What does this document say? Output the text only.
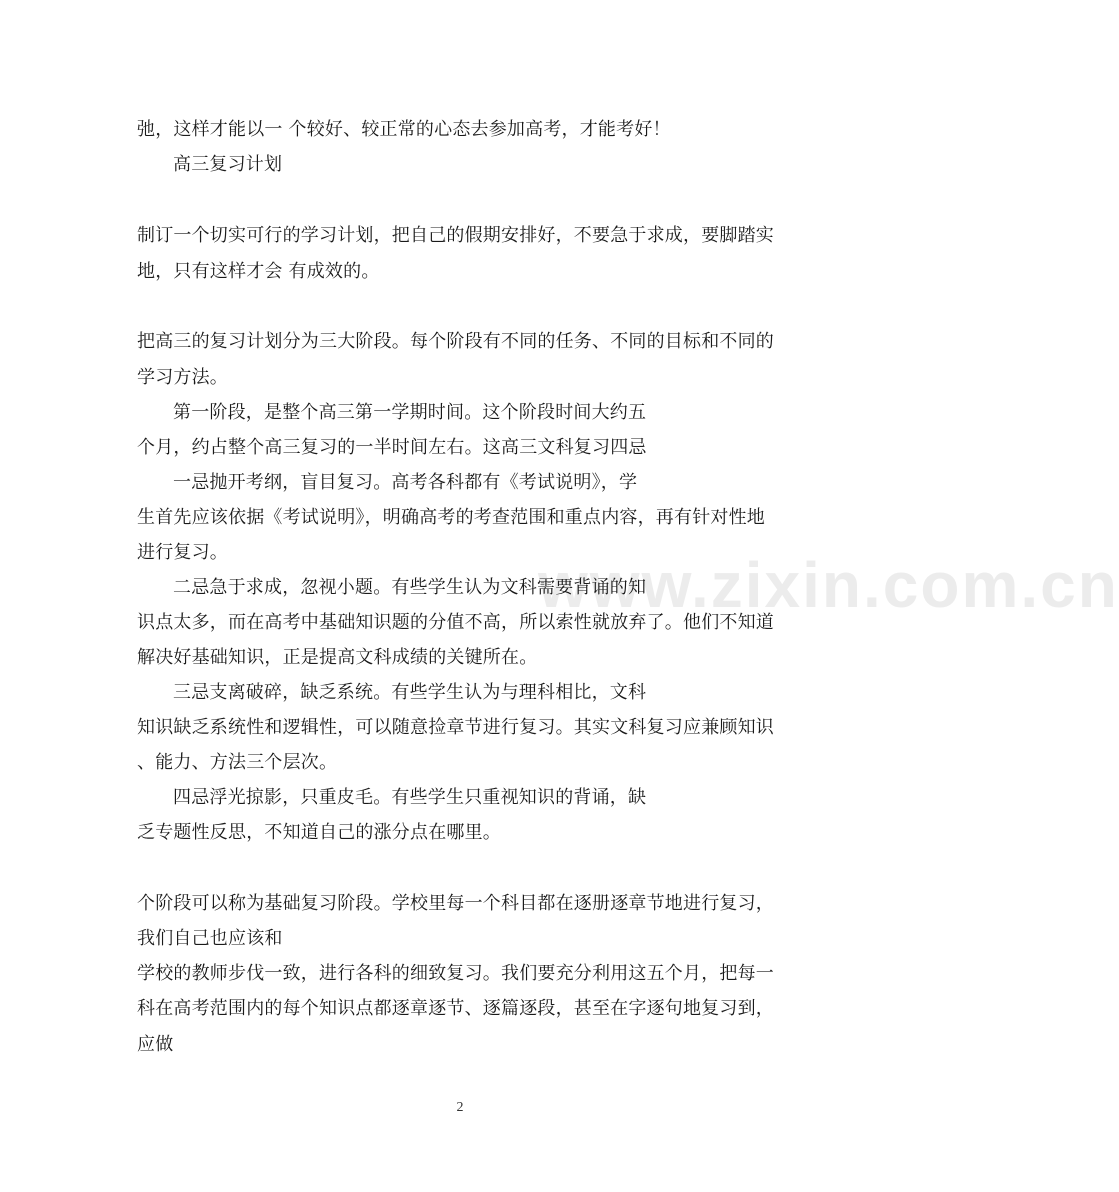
www.zixin.com.cn
弛，这样才能以一 个较好、较正常的心态去参加高考，才能考好！
高三复习计划
制订一个切实可行的学习计划，把自己的假期安排好，不要急于求成，要脚踏实
地，只有这样才会 有成效的。
把高三的复习计划分为三大阶段。每个阶段有不同的任务、不同的目标和不同的
学习方法。
第一阶段，是整个高三第一学期时间。这个阶段时间大约五
个月，约占整个高三复习的一半时间左右。这高三文科复习四忌
一忌抛开考纲，盲目复习。高考各科都有《考试说明》，学
生首先应该依据《考试说明》，明确高考的考查范围和重点内容，再有针对性地
进行复习。
二忌急于求成，忽视小题。有些学生认为文科需要背诵的知
识点太多，而在高考中基础知识题的分值不高，所以索性就放弃了。他们不知道
解决好基础知识，正是提高文科成绩的关键所在。
三忌支离破碎，缺乏系统。有些学生认为与理科相比，文科
知识缺乏系统性和逻辑性，可以随意捡章节进行复习。其实文科复习应兼顾知识
、能力、方法三个层次。
四忌浮光掠影，只重皮毛。有些学生只重视知识的背诵，缺
乏专题性反思，不知道自己的涨分点在哪里。
个阶段可以称为基础复习阶段。学校里每一个科目都在逐册逐章节地进行复习，
我们自己也应该和
学校的教师步伐一致，进行各科的细致复习。我们要充分利用这五个月，把每一
科在高考范围内的每个知识点都逐章逐节、逐篇逐段，甚至在字逐句地复习到，
应做
2
